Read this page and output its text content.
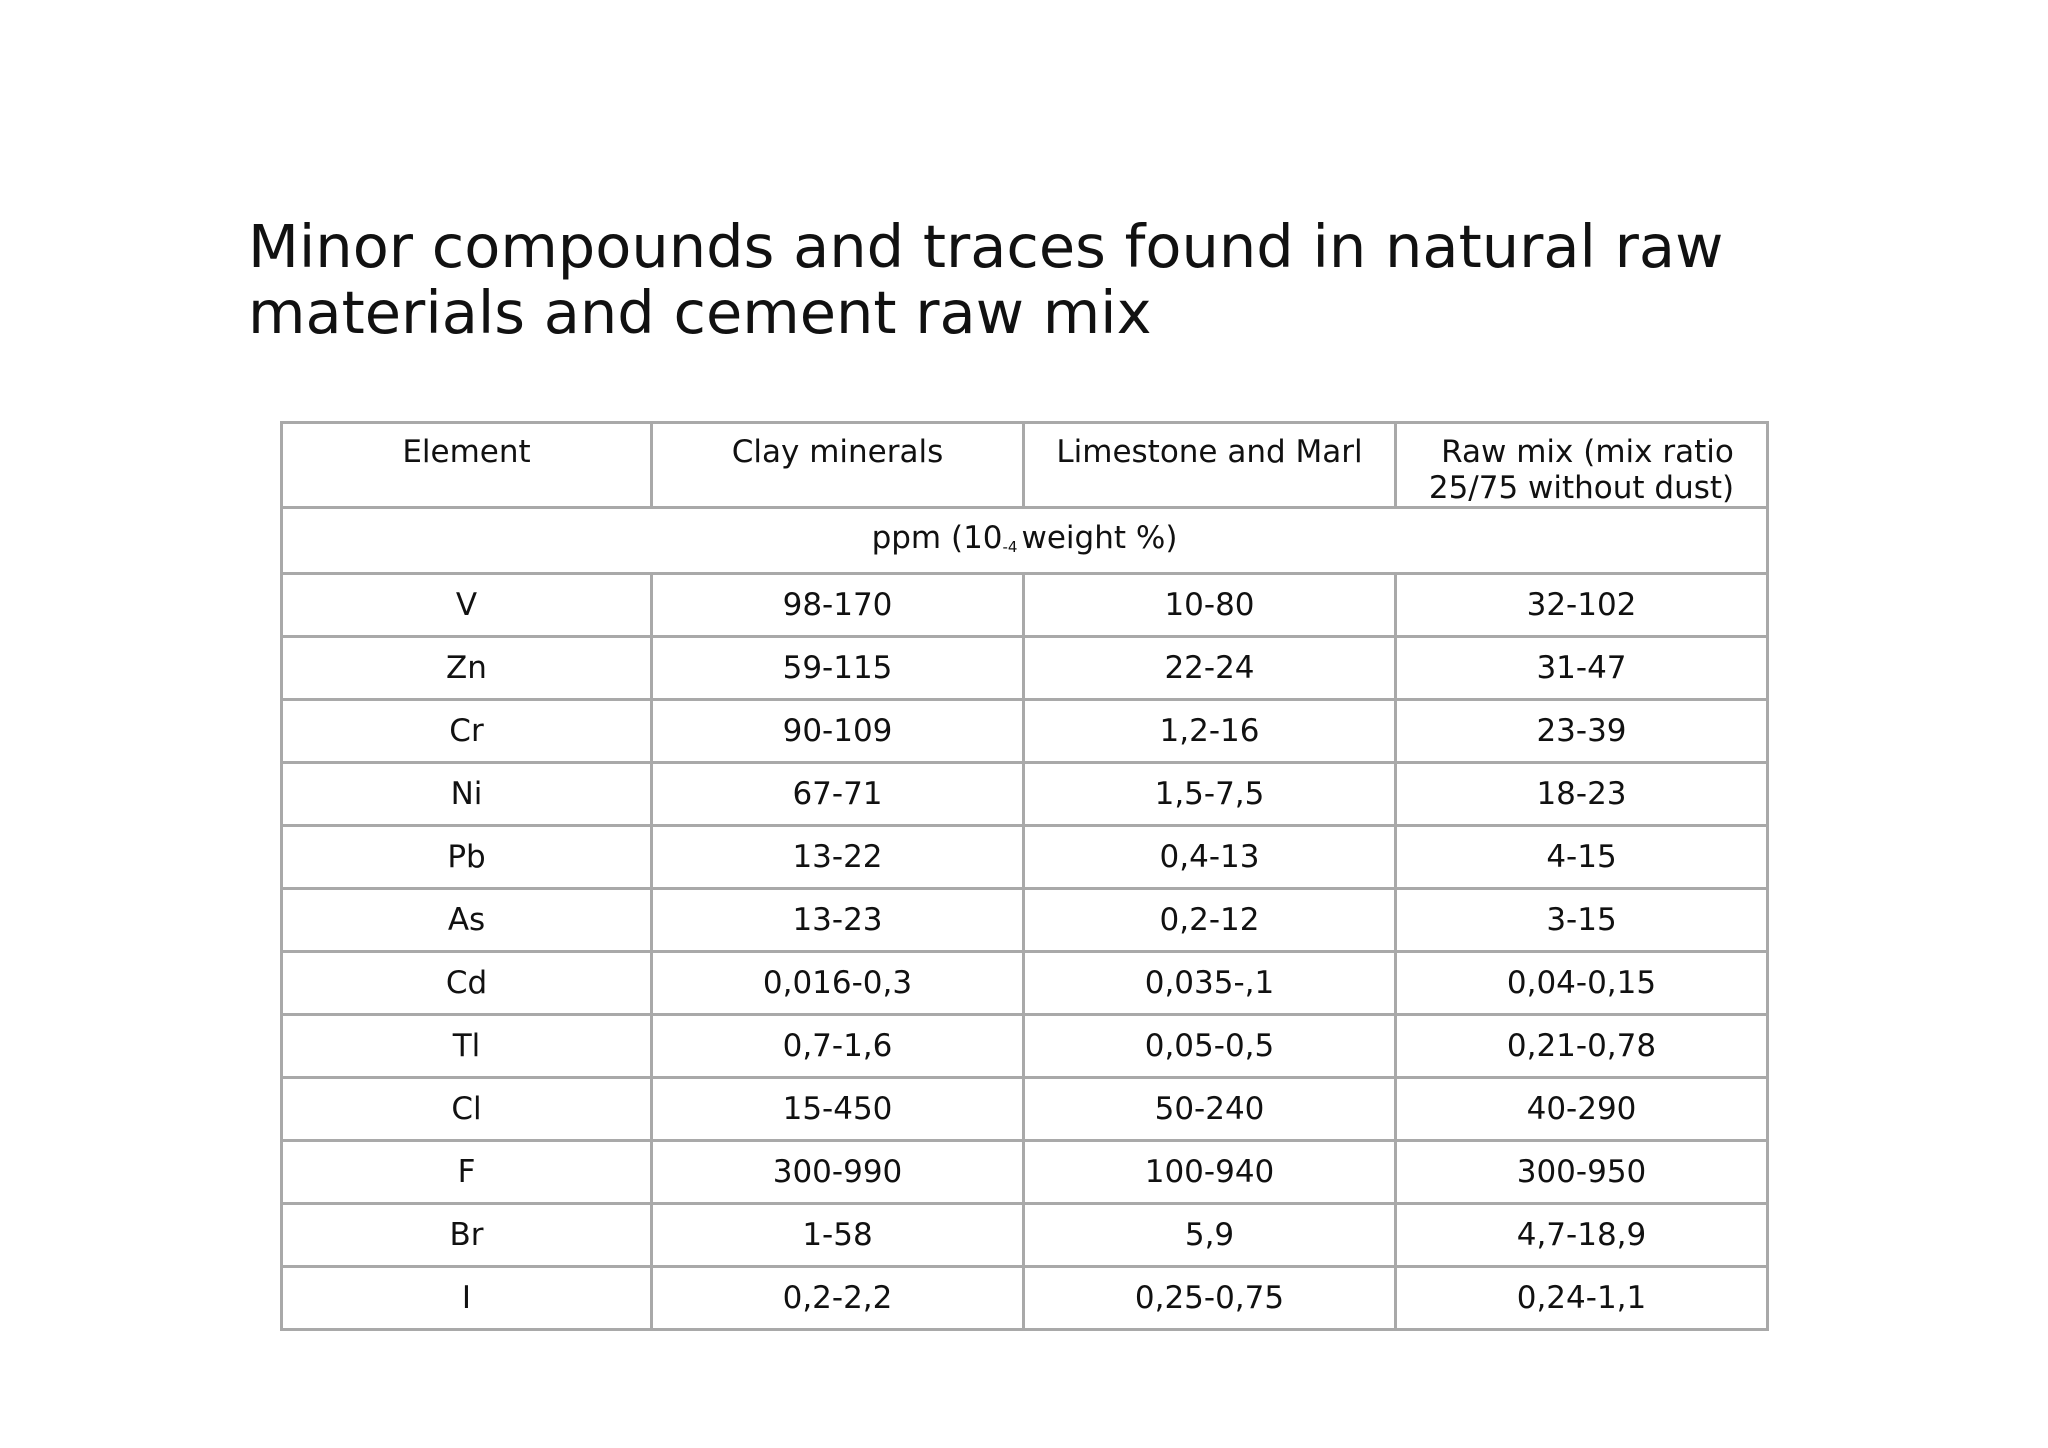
Minor compounds and traces found in natural raw materials and cement raw mix
Element	Clay minerals	Limestone and Marl	Raw mix (mix ratio 25/75 without dust)
ppm (10-4 weight %)			
V	98-170	10-80	32-102
Zn	59-115	22-24	31-47
Cr	90-109	1,2-16	23-39
Ni	67-71	1,5-7,5	18-23
Pb	13-22	0,4-13	4-15
As	13-23	0,2-12	3-15
Cd	0,016-0,3	0,035-,1	0,04-0,15
Tl	0,7-1,6	0,05-0,5	0,21-0,78
Cl	15-450	50-240	40-290
F	300-990	100-940	300-950
Br	1-58	5,9	4,7-18,9
I	0,2-2,2	0,25-0,75	0,24-1,1
